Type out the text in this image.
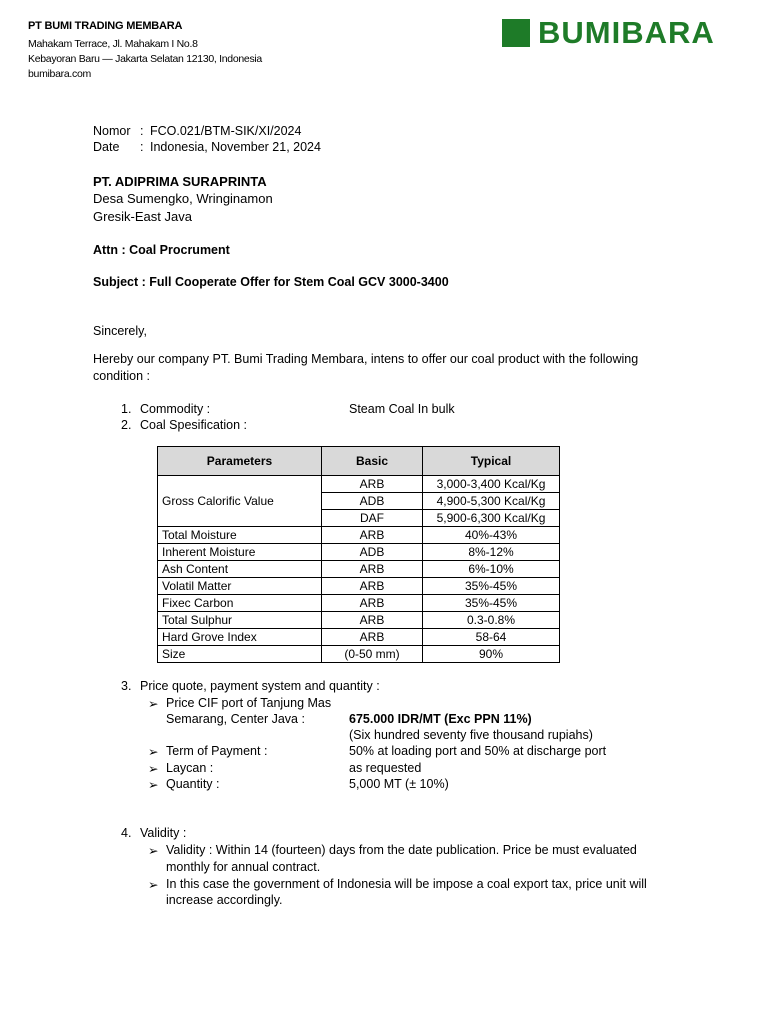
PT BUMI TRADING MEMBARA
Mahakam Terrace, Jl. Mahakam I No.8
Kebayoran Baru — Jakarta Selatan 12130, Indonesia
bumibara.com
BUMIBARA
Nomor : FCO.021/BTM-SIK/XI/2024
Date : Indonesia, November 21, 2024
PT. ADIPRIMA SURAPRINTA
Desa Sumengko, Wringinamon
Gresik-East Java
Attn : Coal Procrument
Subject : Full Cooperate Offer for Stem Coal GCV 3000-3400
Sincerely,
Hereby our company PT. Bumi Trading Membara, intens to offer our coal product with the following
condition :
1. Commodity :	Steam Coal In bulk
2. Coal Spesification :
Parameters	Basic	Typical
Gross Calorific Value	ARB	3,000-3,400 Kcal/Kg
	ADB	4,900-5,300 Kcal/Kg
	DAF	5,900-6,300 Kcal/Kg
Total Moisture	ARB	40%-43%
Inherent Moisture	ADB	8%-12%
Ash Content	ARB	6%-10%
Volatil Matter	ARB	35%-45%
Fixec Carbon	ARB	35%-45%
Total Sulphur	ARB	0.3-0.8%
Hard Grove Index	ARB	58-64
Size	(0-50 mm)	90%
3. Price quote, payment system and quantity :
➢ Price CIF port of Tanjung Mas
Semarang, Center Java :	675.000 IDR/MT (Exc PPN 11%)
(Six hundred seventy five thousand rupiahs)
➢ Term of Payment :	50% at loading port and 50% at discharge port
➢ Laycan :	as requested
➢ Quantity :	5,000 MT (± 10%)
4. Validity :
➢ Validity : Within 14 (fourteen) days from the date publication. Price be must evaluated
monthly for annual contract.
➢ In this case the government of Indonesia will be impose a coal export tax, price unit will
increase accordingly.
